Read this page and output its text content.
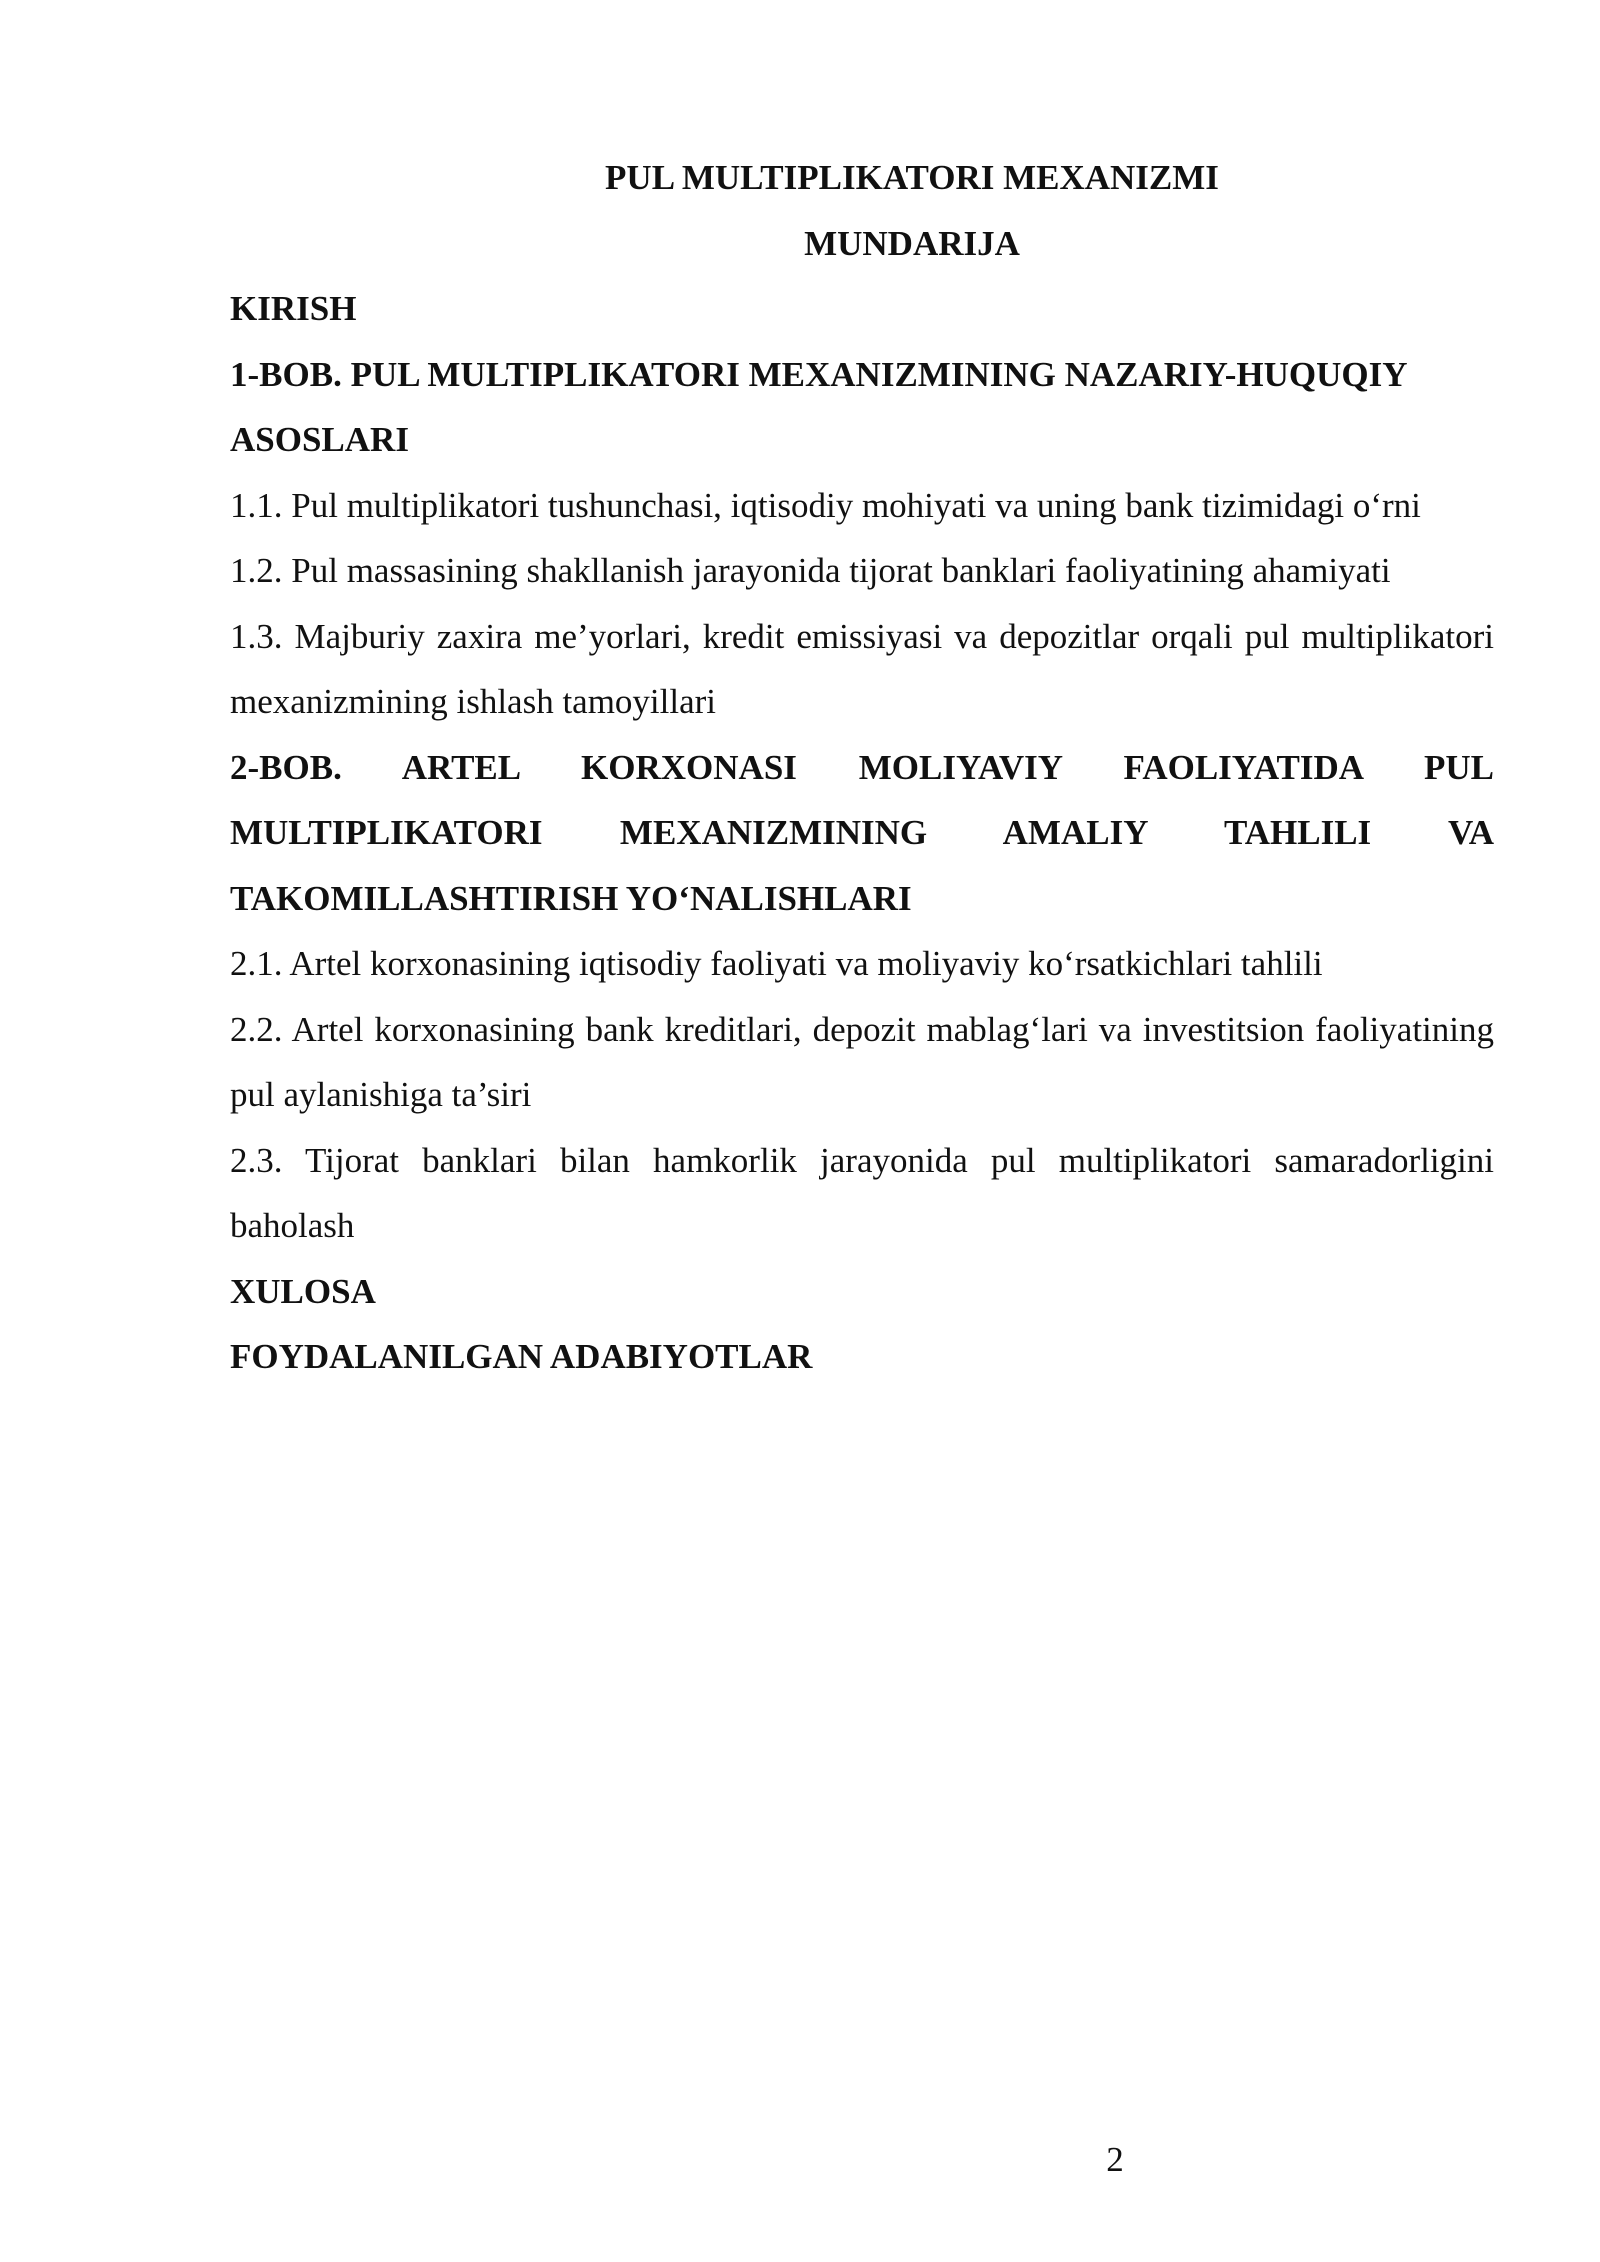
PUL MULTIPLIKATORI MEXANIZMI

MUNDARIJA

KIRISH

1-BOB. PUL MULTIPLIKATORI MEXANIZMINING NAZARIY-HUQUQIY ASOSLARI

1.1. Pul multiplikatori tushunchasi, iqtisodiy mohiyati va uning bank tizimidagi o‘rni

1.2. Pul massasining shakllanish jarayonida tijorat banklari faoliyatining ahamiyati

1.3. Majburiy zaxira me’yorlari, kredit emissiyasi va depozitlar orqali pul multiplikatori mexanizmining ishlash tamoyillari

2-BOB. ARTEL KORXONASI MOLIYAVIY FAOLIYATIDA PUL MULTIPLIKATORI MEXANIZMINING AMALIY TAHLILI VA TAKOMILLASHTIRISH YO‘NALISHLARI

2.1. Artel korxonasining iqtisodiy faoliyati va moliyaviy ko‘rsatkichlari tahlili

2.2. Artel korxonasining bank kreditlari, depozit mablag‘lari va investitsion faoliyatining pul aylanishiga ta’siri

2.3. Tijorat banklari bilan hamkorlik jarayonida pul multiplikatori samaradorligini baholash

XULOSA

FOYDALANILGAN ADABIYOTLAR

2
